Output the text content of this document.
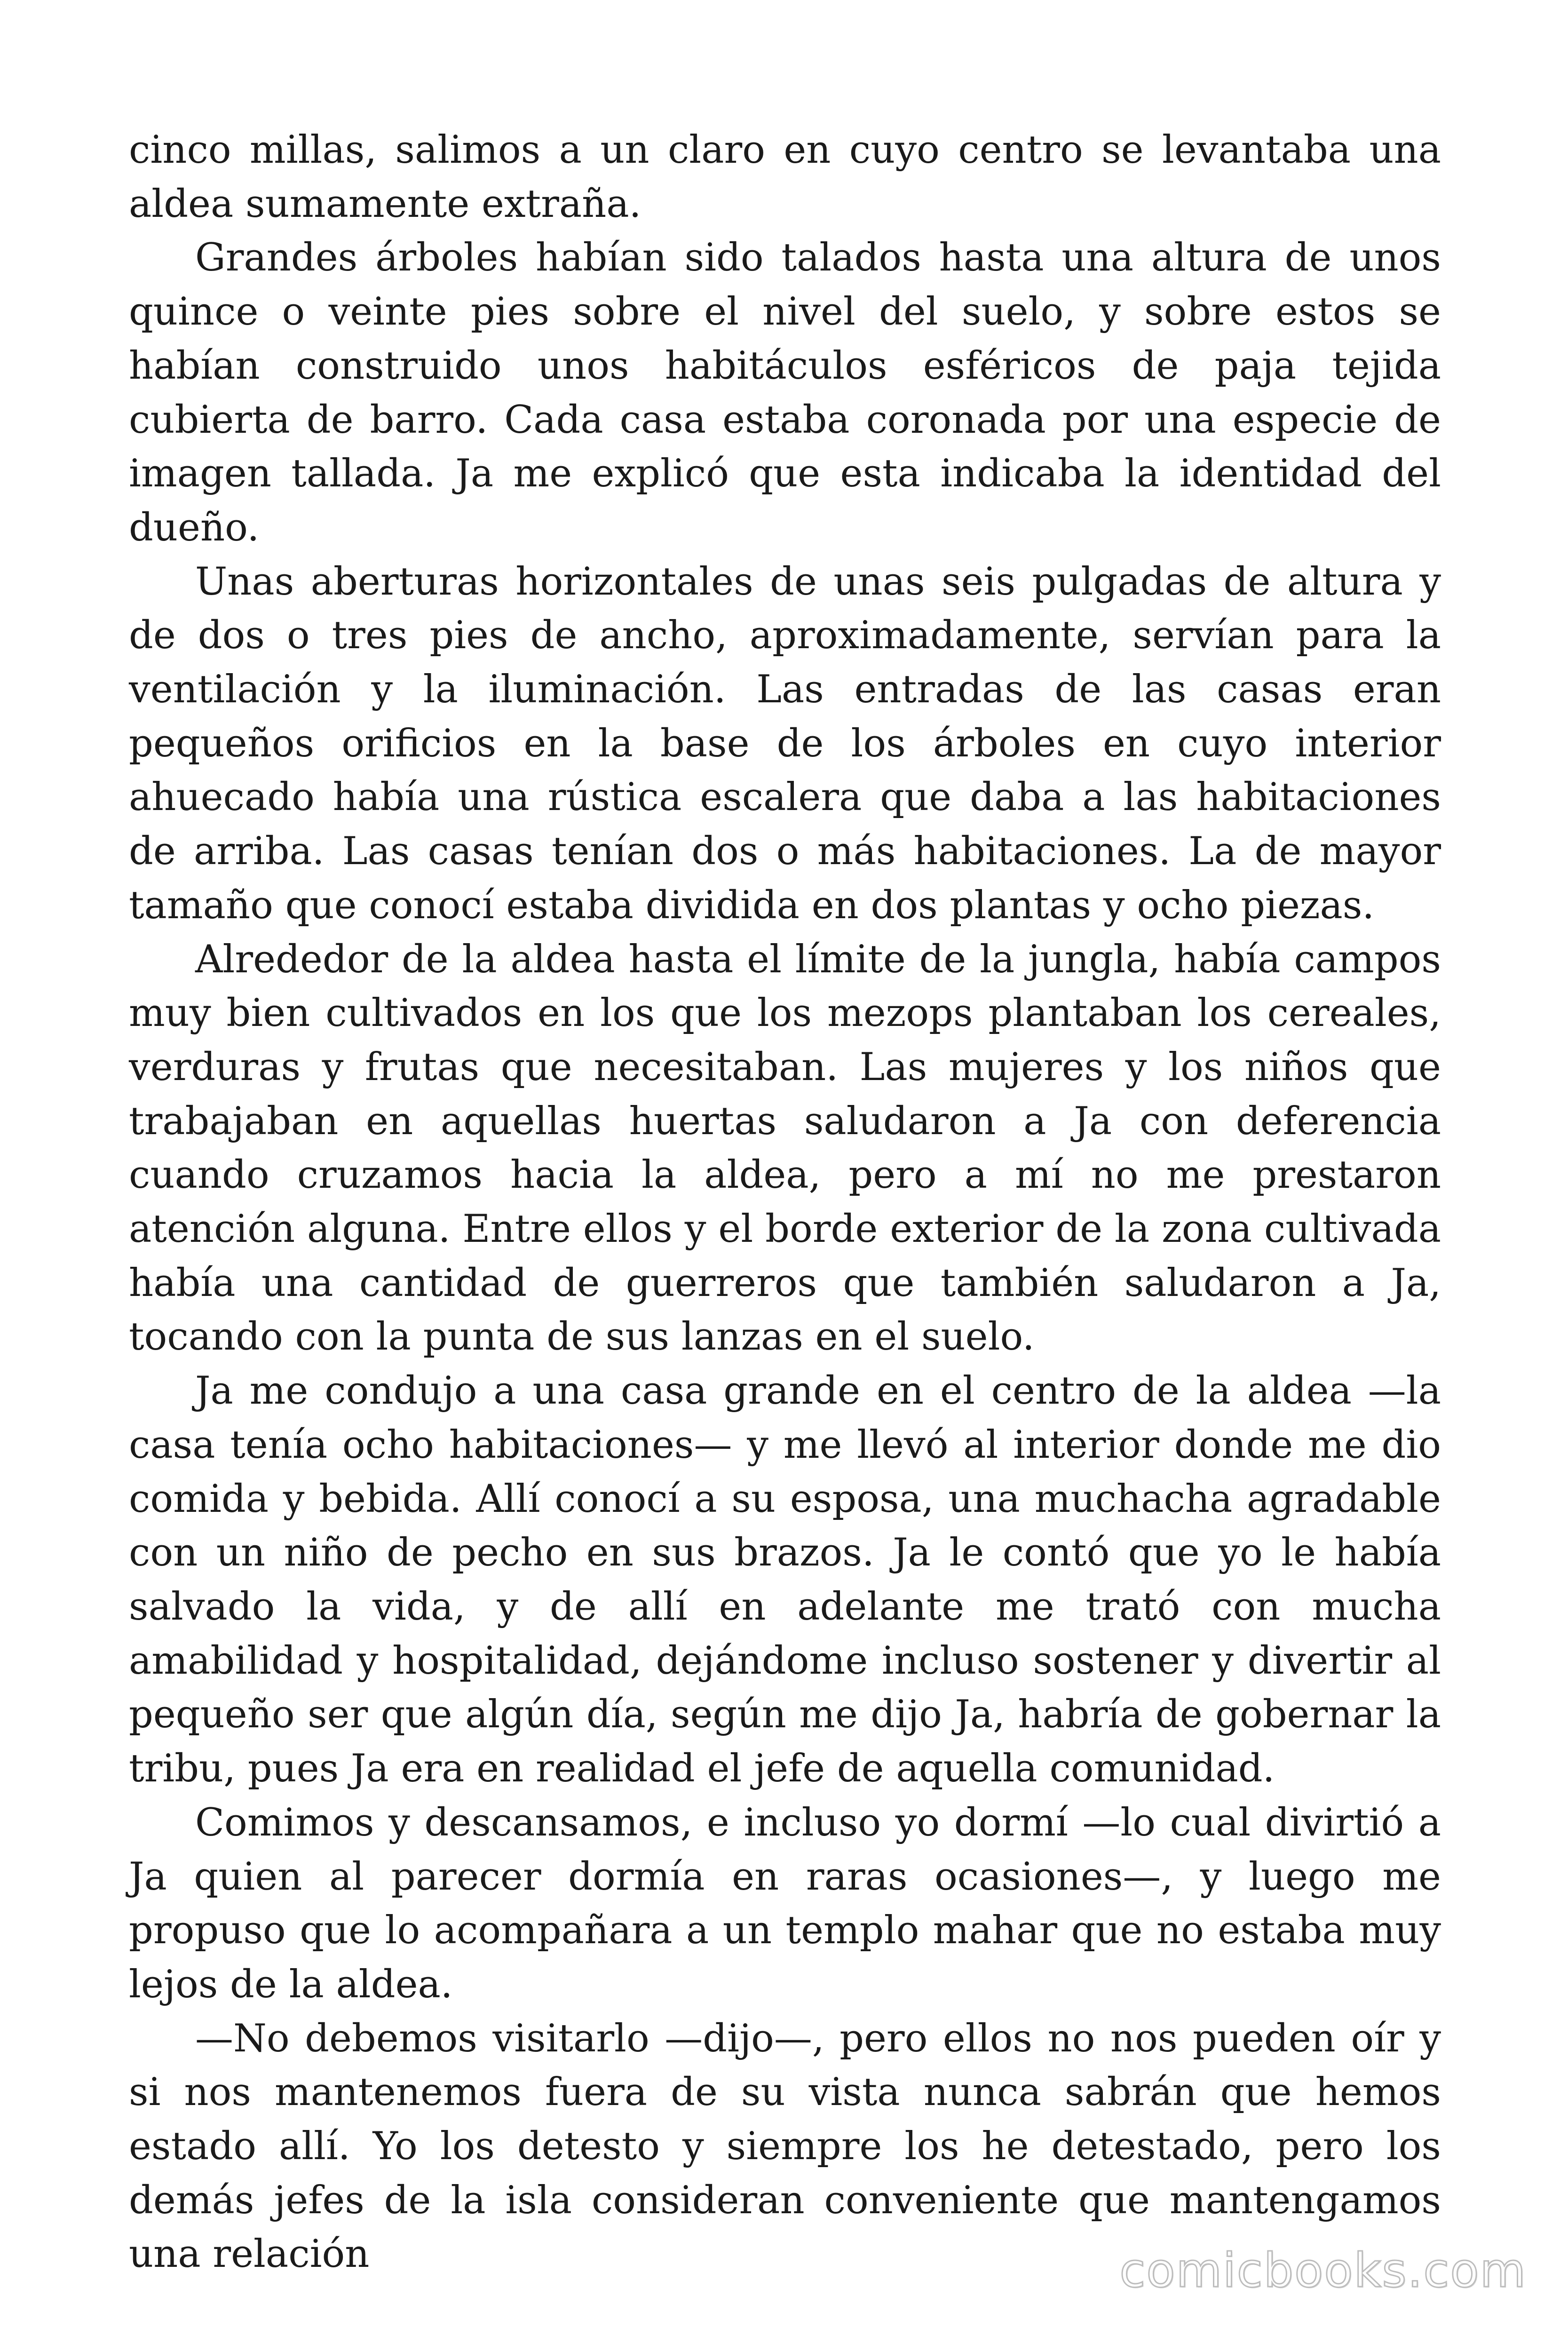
cinco millas, salimos a un claro en cuyo centro se levantaba una aldea sumamente extraña.

Grandes árboles habían sido talados hasta una altura de unos quince o veinte pies sobre el nivel del suelo, y sobre estos se habían construido unos habitáculos esféricos de paja tejida cubierta de barro. Cada casa estaba coronada por una especie de imagen tallada. Ja me explicó que esta indicaba la identidad del dueño.

Unas aberturas horizontales de unas seis pulgadas de altura y de dos o tres pies de ancho, aproximadamente, servían para la ventilación y la iluminación. Las entradas de las casas eran pequeños orificios en la base de los árboles en cuyo interior ahuecado había una rústica escalera que daba a las habitaciones de arriba. Las casas tenían dos o más habitaciones. La de mayor tamaño que conocí estaba dividida en dos plantas y ocho piezas.

Alrededor de la aldea hasta el límite de la jungla, había campos muy bien cultivados en los que los mezops plantaban los cereales, verduras y frutas que necesitaban. Las mujeres y los niños que trabajaban en aquellas huertas saludaron a Ja con deferencia cuando cruzamos hacia la aldea, pero a mí no me prestaron atención alguna. Entre ellos y el borde exterior de la zona cultivada había una cantidad de guerreros que también saludaron a Ja, tocando con la punta de sus lanzas en el suelo.

Ja me condujo a una casa grande en el centro de la aldea —la casa tenía ocho habitaciones— y me llevó al interior donde me dio comida y bebida. Allí conocí a su esposa, una muchacha agradable con un niño de pecho en sus brazos. Ja le contó que yo le había salvado la vida, y de allí en adelante me trató con mucha amabilidad y hospitalidad, dejándome incluso sostener y divertir al pequeño ser que algún día, según me dijo Ja, habría de gobernar la tribu, pues Ja era en realidad el jefe de aquella comunidad.

Comimos y descansamos, e incluso yo dormí —lo cual divirtió a Ja quien al parecer dormía en raras ocasiones—, y luego me propuso que lo acompañara a un templo mahar que no estaba muy lejos de la aldea.

—No debemos visitarlo —dijo—, pero ellos no nos pueden oír y si nos mantenemos fuera de su vista nunca sabrán que hemos estado allí. Yo los detesto y siempre los he detestado, pero los demás jefes de la isla consideran conveniente que mantengamos una relación	comicbooks.com
